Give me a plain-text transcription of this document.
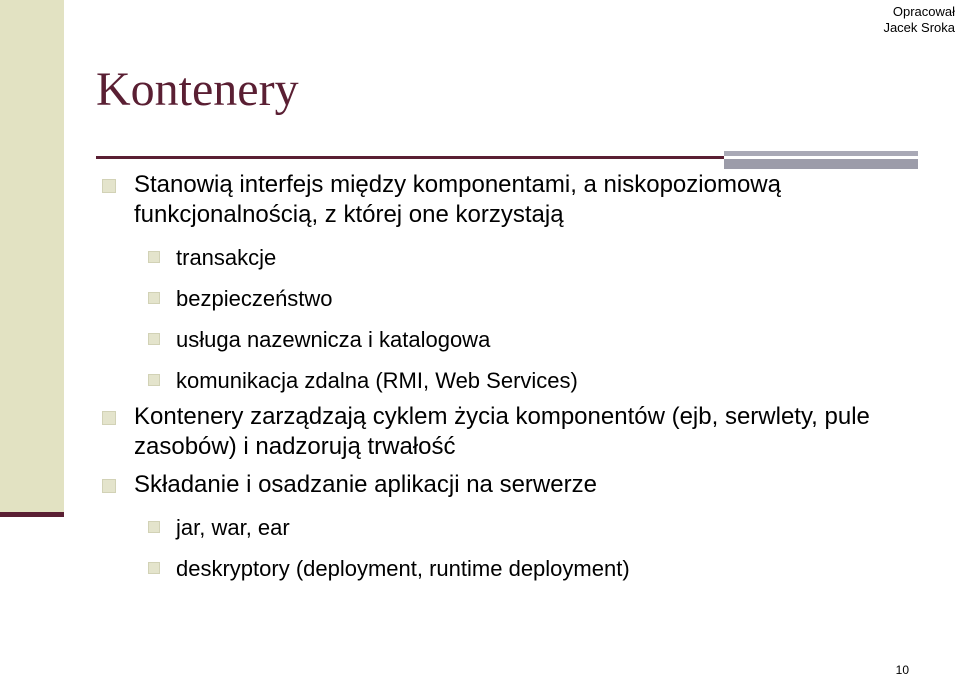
Opracował
Jacek Sroka
Kontenery
Stanowią interfejs między komponentami, a niskopoziomową funkcjonalnością, z której one korzystają
transakcje
bezpieczeństwo
usługa nazewnicza i katalogowa
komunikacja zdalna (RMI, Web Services)
Kontenery zarządzają cyklem życia komponentów (ejb, serwlety, pule zasobów) i nadzorują trwałość
Składanie i osadzanie aplikacji na serwerze
jar, war, ear
deskryptory (deployment, runtime deployment)
10
